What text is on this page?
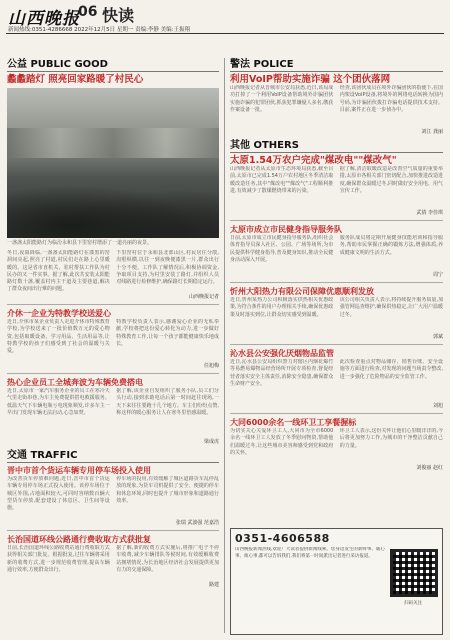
山西晚报
06 快读
新闻热线:0351-4286668 2022年12月5日 星期一 责编:李静 美编:王振翔
公益 PUBLIC GOOD
蠡蠡踏灯 照亮回家路暖了村民心
一盏盏太阳能路灯为临汾永和县下里窑村增添了一道亮丽的夜景。
冬日,夜幕降临,一盏盏太阳能路灯在漆黑的窑洞间亮起,照亮了村道,村民们走在路上心里暖暖的。这是省市直机关、驻村帮扶工作队为村民办的又一件实事。据了解,此次共安装太阳能路灯数十盏,覆盖村内主干道及主要巷道,解决了群众夜间出行难的问题。
下里窑村位于永和县北部山区,村民居住分散,沟壑纵横,以往一到夜晚便漆黑一片,群众出行十分不便。工作队了解情况后,积极协调资金,争取项目支持,为村里安装了路灯,并组织人员对线路进行检修维护,确保路灯长期稳定运行。
山西晚报记者
介休一企业为特教学校送爱心
近日,介休市某企业负责人走进介休市特殊教育学校,为学校送来了一批价值数万元的爱心物资,包括取暖设备、学习用品、生活用品等,让特教学校的孩子们感受到了社会的温暖与关爱。
特教学校负责人表示,感谢爱心企业的无私奉献,学校将把这份爱心转化为动力,进一步做好特殊教育工作,让每一个孩子都能健康快乐地成长。
任旭梅
热心企业员工全城奔波为车辆免费搭电
近日,太原市一家汽车服务企业的员工在寒冷天气里走街串巷,为车主免费提供搭电救援服务。低温天气下车辆电瓶亏电现象频发,许多车主一早出门发现车辆无法启动,心急如焚。
据了解,该企业自发组织了服务小队,员工们分头行动,接到求助电话后第一时间赶往现场,一天下来往往要跑十几个地方。车主们纷纷点赞,称这样的暖心服务让人在寒冬里倍感温暖。
梁成虎
交通 TRAFFIC
晋中市首个货运车辆专用停车场投入使用
为改善货车停放难问题,近日,晋中市首个货运车辆专用停车场正式投入使用。该停车场位于城区外围,占地面积较大,可同时容纳数百辆大型货车停放,配套建设了休息区、卫生间等设施。
停车场的投用,有效缓解了城区道路货车乱停乱放的现象,为货车司机提供了安全、便捷的停车和休息环境,同时也提升了城市形象和道路通行效率。
张瑞 武波强 范嘉浩
长治国道环线公路通行费收取方式获批复
日前,长治国道环线公路收费站通行费收取方式获得相关部门批复。根据批复,过往车辆将采用新的收费方式,进一步规范收费管理,提高车辆通行效率,方便群众出行。
据了解,新的收费方式实施后,将推广电子不停车收费,减少车辆排队等候时间,有效缓解收费站拥堵情况,为长治地区经济社会发展提供更加有力的交通保障。
路建
警法 POLICE
利用VoIP帮助实施诈骗 这个团伙落网
山西晚报记者从晋城市公安局获悉,近日,该局成功打掉了一个利用VoIP设备帮助境外诈骗团伙实施诈骗的犯罪团伙,抓获犯罪嫌疑人多名,缴获作案设备一批。
经查,该团伙成员在境外诈骗团伙的指使下,在国内架设VoIP设备,将境外的网络电话转换为国内号码,为诈骗团伙拨打诈骗电话提供技术支持。目前,案件正在进一步侦办中。
刘江 龚丽
其他 OTHERS
太原1.54万农户完成"煤改电""煤改气"
山西晚报记者从太原市生态环境局获悉,截至目前,太原市已完成1.54万户农村地区冬季清洁取暖改造任务,其中"煤改电""煤改气"工程顺利推进,有效减少了散煤燃烧带来的污染。
据了解,清洁取暖改造是改善空气质量的重要举措,太原市各相关部门密切配合,加快推进改造进度,确保群众温暖过冬,同时做好安全用电、用气宣传工作。
武倩 李佳琪
太原市成立市民健身指导服务队
日前,太原市成立市民健身指导服务队,组织社会体育指导员深入社区、公园、广场等场所,为市民提供科学健身指导,普及健身知识,推动全民健身活动深入开展。
服务队成员将定期开展健身技能培训和指导服务,帮助市民掌握正确的锻炼方法,增强体质,养成健康文明的生活方式。
周宁
忻州大阳热力有限公司保障优惠顺利发放
近日,忻州某热力公司积极落实供热相关优惠政策,为符合条件的用户办理相关手续,确保优惠政策及时落实到位,让群众切实感受到温暖。
该公司相关负责人表示,将持续提升服务质量,加强管网巡查维护,确保供热稳定,让广大用户温暖过冬。
郭斌
沁水县公安强化厌烟物品监管
近日,沁水县公安局组织警力对辖区内烟花爆竹等易燃易爆物品经营场所开展专项检查,督促经营者落实安全主体责任,消除安全隐患,确保群众生命财产安全。
此次检查重点对物品储存、销售台账、安全设施等方面进行检查,对发现的问题当场责令整改,进一步强化了危险物品的安全监管工作。
刘旭
大同6000余名一线环卫工享餐握标
为切实关心关爱环卫工人,大同市为全市6000余名一线环卫工人发放了冬季慰问物资,帮助他们温暖过冬,让这些城市美容师感受到党和政府的关怀。
环卫工人表示,这份关怀让他们心里暖洋洋的,今后将更加努力工作,为城市的干净整洁贡献自己的力量。
刘俊丽 赵红
0351-4606588
山西晚报新闻热线,欢迎广大读者提供新闻线索。您身边发生的新鲜事、暖心事、烦心事,都可以告诉我们,我们将第一时间派出记者进行采访报道。
扫码关注
